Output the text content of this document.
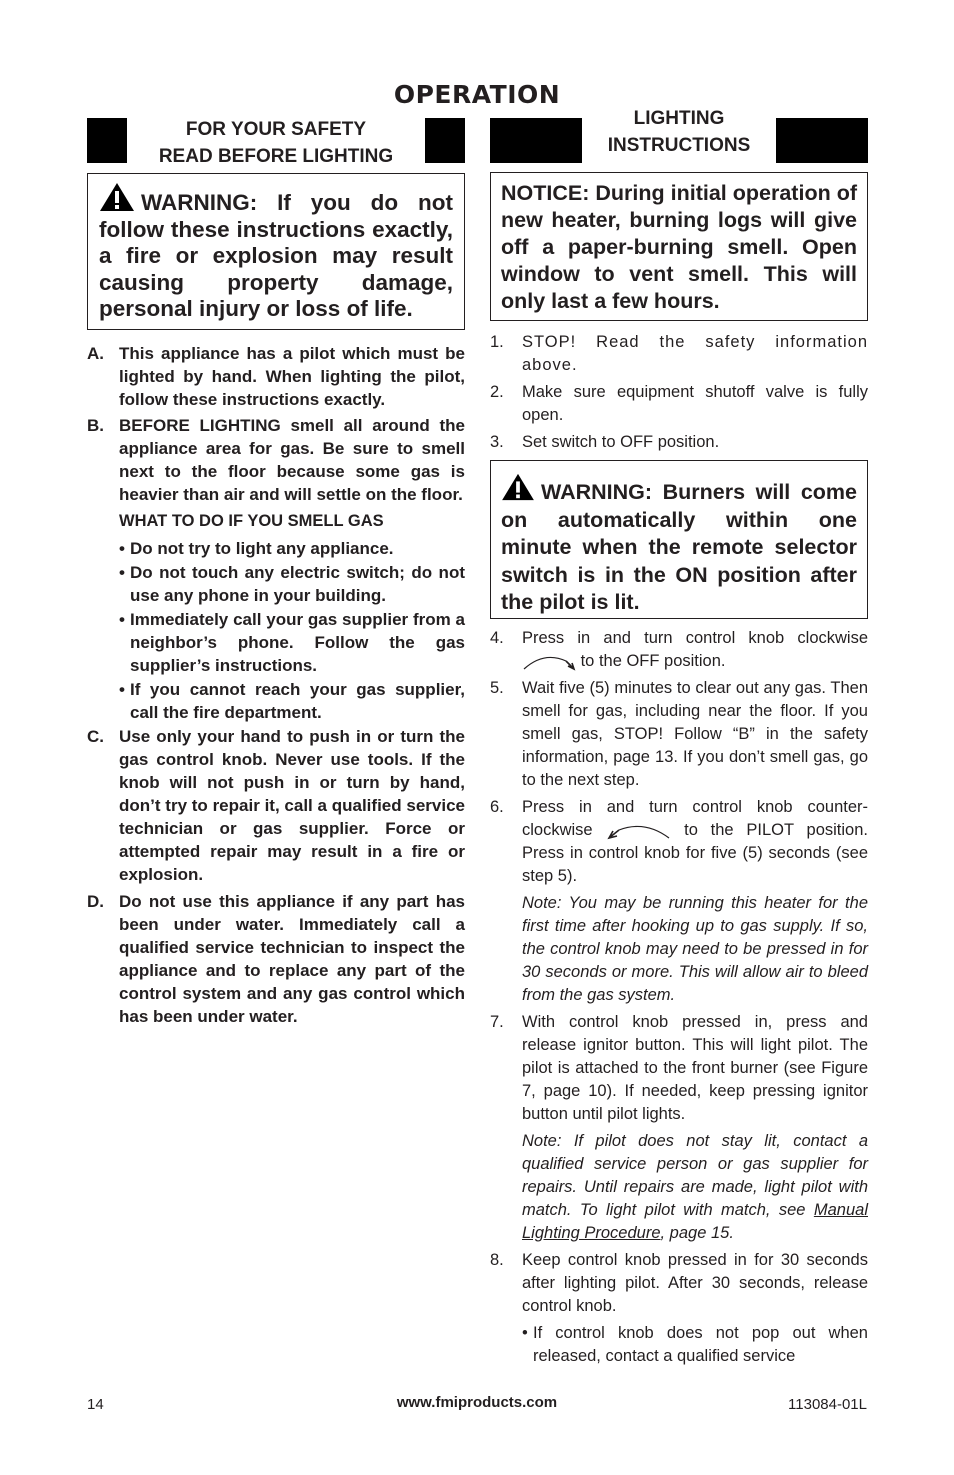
OPERATION
FOR YOUR SAFETY
READ BEFORE LIGHTING

WARNING: If you do not follow these instructions exactly, a fire or explosion may result causing property damage, personal injury or loss of life.

A. This appliance has a pilot which must be lighted by hand. When lighting the pilot, follow these instructions exactly.
B. BEFORE LIGHTING smell all around the appliance area for gas. Be sure to smell next to the floor because some gas is heavier than air and will settle on the floor.
WHAT TO DO IF YOU SMELL GAS
• Do not try to light any appliance.
• Do not touch any electric switch; do not use any phone in your building.
• Immediately call your gas supplier from a neighbor’s phone. Follow the gas supplier’s instructions.
• If you cannot reach your gas supplier, call the fire department.
C. Use only your hand to push in or turn the gas control knob. Never use tools. If the knob will not push in or turn by hand, don’t try to repair it, call a qualified service technician or gas supplier. Force or attempted repair may result in a fire or explosion.
D. Do not use this appliance if any part has been under water. Immediately call a qualified service technician to inspect the appliance and to replace any part of the control system and any gas control which has been under water.
LIGHTING
INSTRUCTIONS

NOTICE: During initial operation of new heater, burning logs will give off a paper-burning smell. Open window to vent smell. This will only last a few hours.

1. STOP! Read the safety information above.
2. Make sure equipment shutoff valve is fully open.
3. Set switch to OFF position.

WARNING: Burners will come on automatically within one minute when the remote selector switch is in the ON position after the pilot is lit.

4. Press in and turn control knob clockwise  to the OFF position.
5. Wait five (5) minutes to clear out any gas. Then smell for gas, including near the floor. If you smell gas, STOP! Follow “B” in the safety information, page 13. If you don’t smell gas, go to the next step.
6. Press in and turn control knob counter-clockwise	to the PILOT position. Press in control knob for five (5) seconds (see step 5).
Note: You may be running this heater for the first time after hooking up to gas supply. If so, the control knob may need to be pressed in for 30 seconds or more. This will allow air to bleed from the gas system.
7. With control knob pressed in, press and release ignitor button. This will light pilot. The pilot is attached to the front burner (see Figure 7, page 10). If needed, keep pressing ignitor button until pilot lights.
Note: If pilot does not stay lit, contact a qualified service person or gas supplier for repairs. Until repairs are made, light pilot with match. To light pilot with match, see Manual Lighting Procedure, page 15.
8. Keep control knob pressed in for 30 seconds after lighting pilot. After 30 seconds, release control knob.
• If control knob does not pop out when released, contact a qualified service
14	www.fmiproducts.com	113084-01L
